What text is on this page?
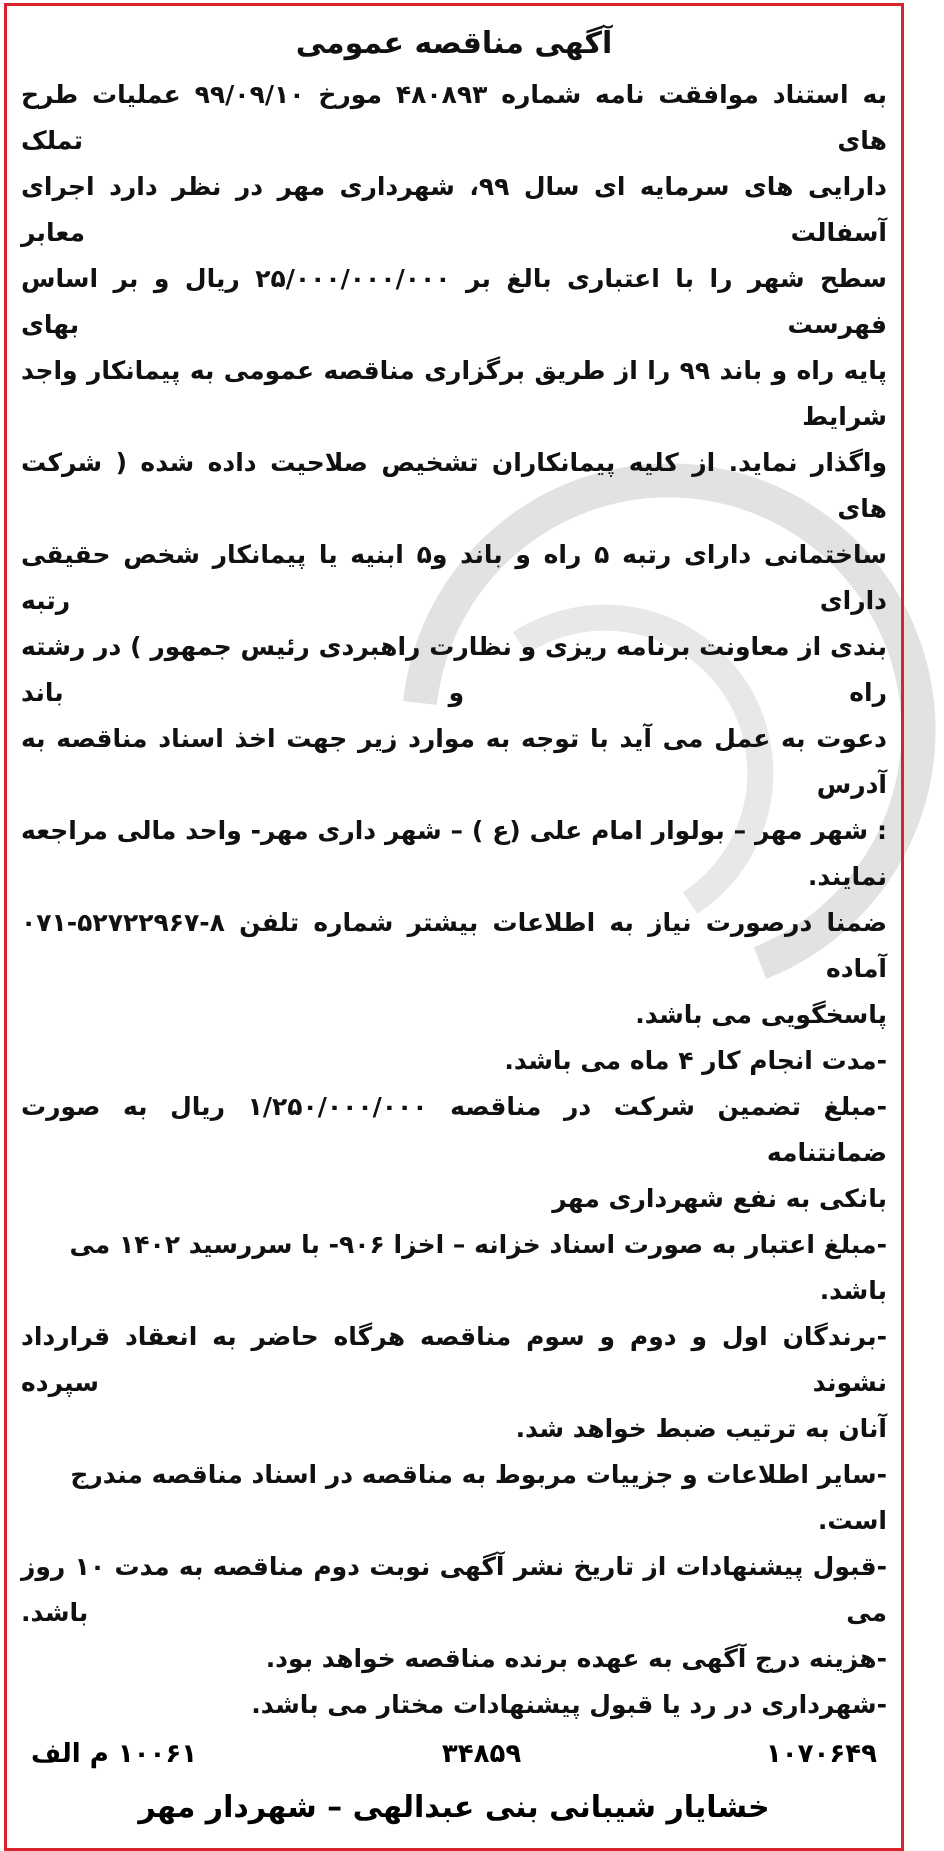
آگهی مناقصه عمومی
به استناد موافقت نامه شماره ۴۸۰۸۹۳ مورخ ۹۹/۰۹/۱۰ عملیات طرح های تملک
دارایی های سرمایه ای سال ۹۹، شهرداری مهر در نظر دارد اجرای آسفالت معابر
سطح شهر را با اعتباری بالغ بر ۲۵/۰۰۰/۰۰۰/۰۰۰ ریال و بر اساس فهرست بهای
پایه راه و باند ۹۹ را از طریق برگزاری مناقصه عمومی به پیمانکار واجد شرایط
واگذار نماید. از کلیه پیمانکاران تشخیص صلاحیت داده شده ( شرکت های
ساختمانی دارای رتبه ۵ راه و باند و۵ ابنیه یا پیمانکار شخص حقیقی دارای رتبه
بندی از معاونت برنامه ریزی و نظارت راهبردی رئیس جمهور ) در رشته راه و باند
دعوت به عمل می آید با توجه به موارد زیر جهت اخذ اسناد مناقصه به آدرس
: شهر مهر – بولوار امام علی (ع ) – شهر داری مهر- واحد مالی مراجعه نمایند.
ضمنا درصورت نیاز به اطلاعات بیشتر شماره تلفن ۸-۵۲۷۲۲۹۶۷-۰۷۱ آماده
پاسخگویی می باشد.
-مدت انجام کار ۴ ماه می باشد.
-مبلغ تضمین شرکت در مناقصه ۱/۲۵۰/۰۰۰/۰۰۰ ریال به صورت ضمانتنامه
بانکی به نفع شهرداری مهر
-مبلغ اعتبار به صورت اسناد خزانه – اخزا ۹۰۶- با سررسید ۱۴۰۲ می باشد.
-برندگان اول و دوم و سوم مناقصه هرگاه حاضر به انعقاد قرارداد نشوند سپرده
آنان به ترتیب ضبط خواهد شد.
-سایر اطلاعات و جزییات مربوط به مناقصه در اسناد مناقصه مندرج است.
-قبول پیشنهادات از تاریخ نشر آگهی نوبت دوم مناقصه به مدت ۱۰ روز می باشد.
-هزینه درج آگهی به عهده برنده مناقصه خواهد بود.
-شهرداری در رد یا قبول پیشنهادات مختار می باشد.
۱۰۷۰۶۴۹
۳۴۸۵۹
۱۰۰۶۱ م الف
خشایار شیبانی بنی عبدالهی – شهردار مهر
